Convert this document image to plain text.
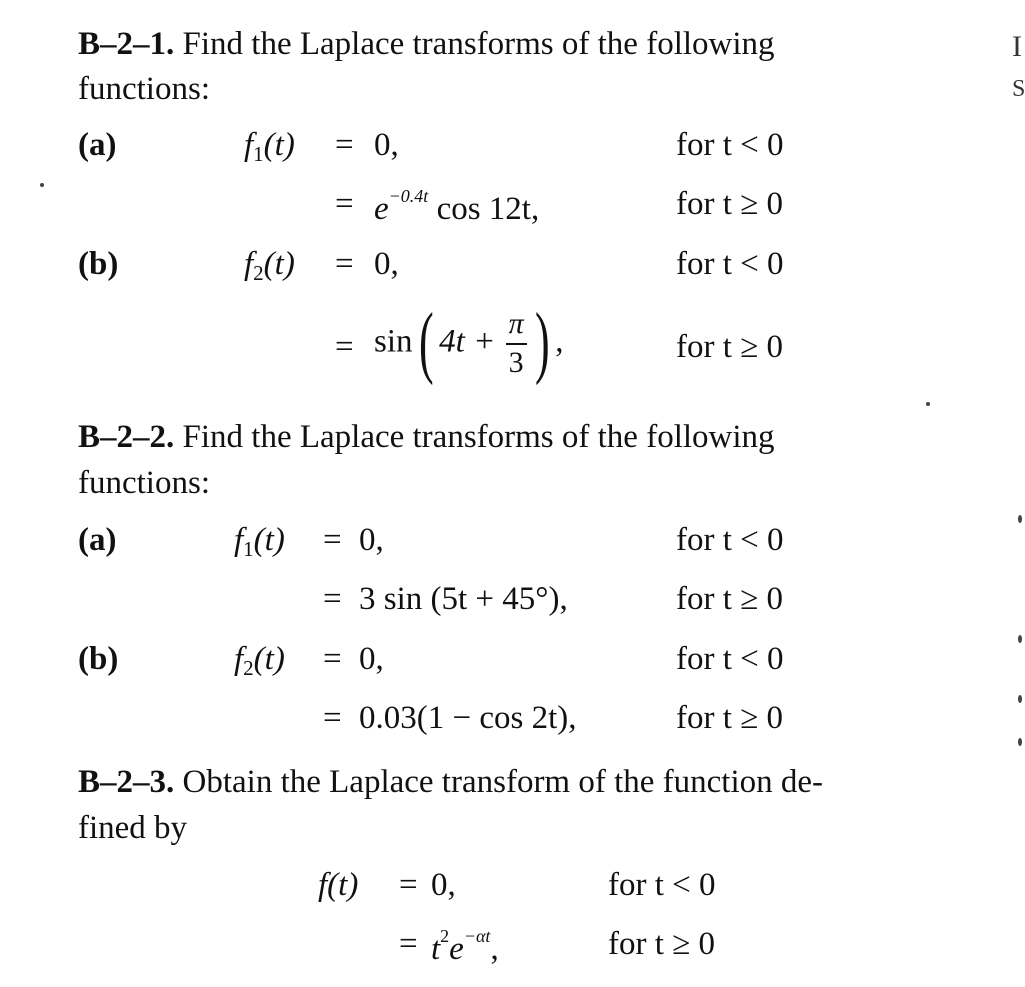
B–2–1. Find the Laplace transforms of the following
functions:
(a)	$f_1(t) = 0$,	for t < 0
= $e^{-0.4t}$ cos 12t,	for t ≥ 0
(b)	$f_2(t) = 0$,	for t < 0
= sin( $4t + \frac{\pi}{3}$ ) ,	for t ≥ 0
B–2–2. Find the Laplace transforms of the following
functions:
(a)	$f_1(t) = 0$,	for t < 0
= 3 sin (5t + 45°),	for t ≥ 0
(b)	$f_2(t) = 0$,	for t < 0
= 0.03(1 − cos 2t),	for t ≥ 0
B–2–3. Obtain the Laplace transform of the function de-
fined by
f(t) = 0,	for t < 0
= $t^2e^{-\alpha t}$,	for t ≥ 0
I
S
